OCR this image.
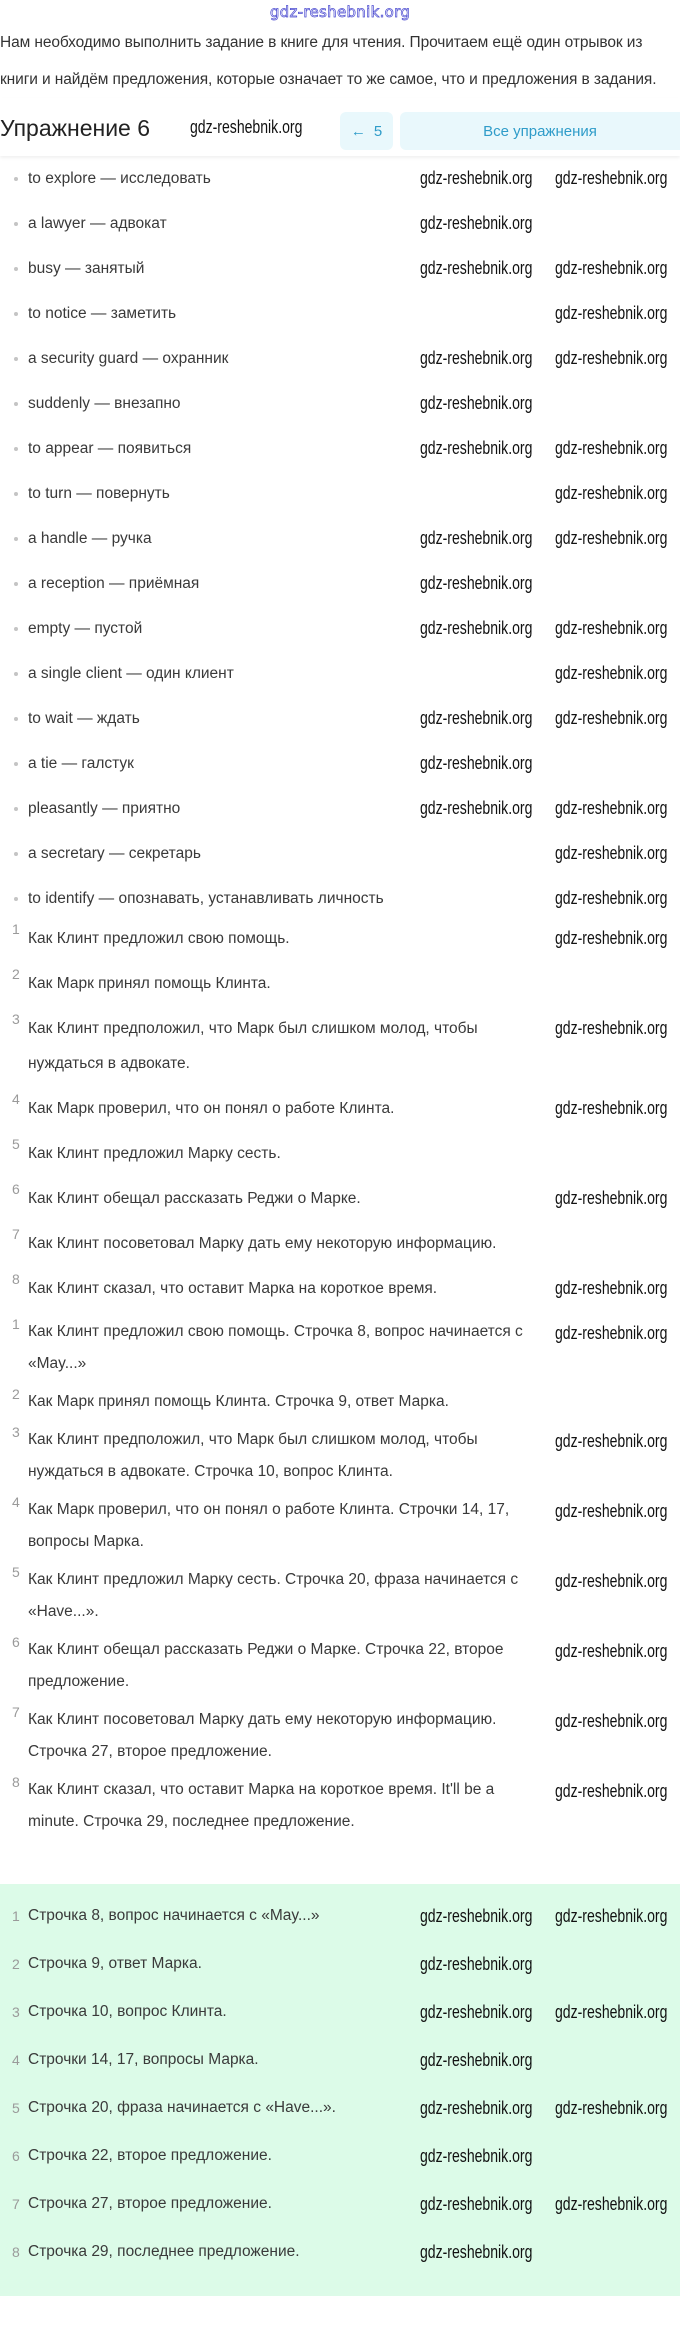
gdz-reshebnik.org
Нам необходимо выполнить задание в книге для чтения. Прочитаем ещё один отрывок из книги и найдём предложения, которые означает то же самое, что и предложения в задания.
Упражнение 6 gdz-reshebnik.org	← 5	Все упражнения
to explore — исследовать	gdz-reshebnik.org gdz-reshebnik.org
a lawyer — адвокат	gdz-reshebnik.org
busy — занятый	gdz-reshebnik.org gdz-reshebnik.org
to notice — заметить	gdz-reshebnik.org
a security guard — охранник	gdz-reshebnik.org gdz-reshebnik.org
suddenly — внезапно	gdz-reshebnik.org
to appear — появиться	gdz-reshebnik.org gdz-reshebnik.org
to turn — повернуть	gdz-reshebnik.org
a handle — ручка	gdz-reshebnik.org gdz-reshebnik.org
a reception — приёмная	gdz-reshebnik.org
empty — пустой	gdz-reshebnik.org gdz-reshebnik.org
a single client — один клиент	gdz-reshebnik.org
to wait — ждать	gdz-reshebnik.org gdz-reshebnik.org
a tie — галстук	gdz-reshebnik.org
pleasantly — приятно	gdz-reshebnik.org gdz-reshebnik.org
a secretary — секретарь	gdz-reshebnik.org
to identify — опознавать, устанавливать личность	gdz-reshebnik.org
1
Как Клинт предложил свою помощь.	gdz-reshebnik.org
2
Как Марк принял помощь Клинта.
3
Как Клинт предположил, что Марк был слишком молод, чтобы нуждаться в адвокате.
gdz-reshebnik.org
4
Как Марк проверил, что он понял о работе Клинта.	gdz-reshebnik.org
5
Как Клинт предложил Марку сесть.
6
Как Клинт обещал рассказать Реджи о Марке.	gdz-reshebnik.org
7
Как Клинт посоветовал Марку дать ему некоторую информацию.
8
Как Клинт сказал, что оставит Марка на короткое время.	gdz-reshebnik.org
1 Как Клинт предложил свою помощь. Строчка 8, вопрос начинается с «May...»
gdz-reshebnik.org
2 Как Марк принял помощь Клинта. Строчка 9, ответ Марка.
3 Как Клинт предположил, что Марк был слишком молод, чтобы нуждаться в адвокате. Строчка 10, вопрос Клинта.
gdz-reshebnik.org
4 Как Марк проверил, что он понял о работе Клинта. Строчки 14, 17, вопросы Марка.
gdz-reshebnik.org
5 Как Клинт предложил Марку сесть. Строчка 20, фраза начинается с «Have...».
gdz-reshebnik.org
6 Как Клинт обещал рассказать Реджи о Марке. Строчка 22, второе предложение.
gdz-reshebnik.org
7 Как Клинт посоветовал Марку дать ему некоторую информацию. Строчка 27, второе предложение.
gdz-reshebnik.org
8 Как Клинт сказал, что оставит Марка на короткое время. It'll be a minute. Строчка 29, последнее предложение.
gdz-reshebnik.org
1 Строчка 8, вопрос начинается с «May...»	gdz-reshebnik.org gdz-reshebnik.org
2 Строчка 9, ответ Марка.	gdz-reshebnik.org
3 Строчка 10, вопрос Клинта.	gdz-reshebnik.org gdz-reshebnik.org
4 Строчки 14, 17, вопросы Марка.	gdz-reshebnik.org
5 Строчка 20, фраза начинается с «Have...».	gdz-reshebnik.org gdz-reshebnik.org
6 Строчка 22, второе предложение.	gdz-reshebnik.org
7 Строчка 27, второе предложение.	gdz-reshebnik.org gdz-reshebnik.org
8 Строчка 29, последнее предложение.	gdz-reshebnik.org
